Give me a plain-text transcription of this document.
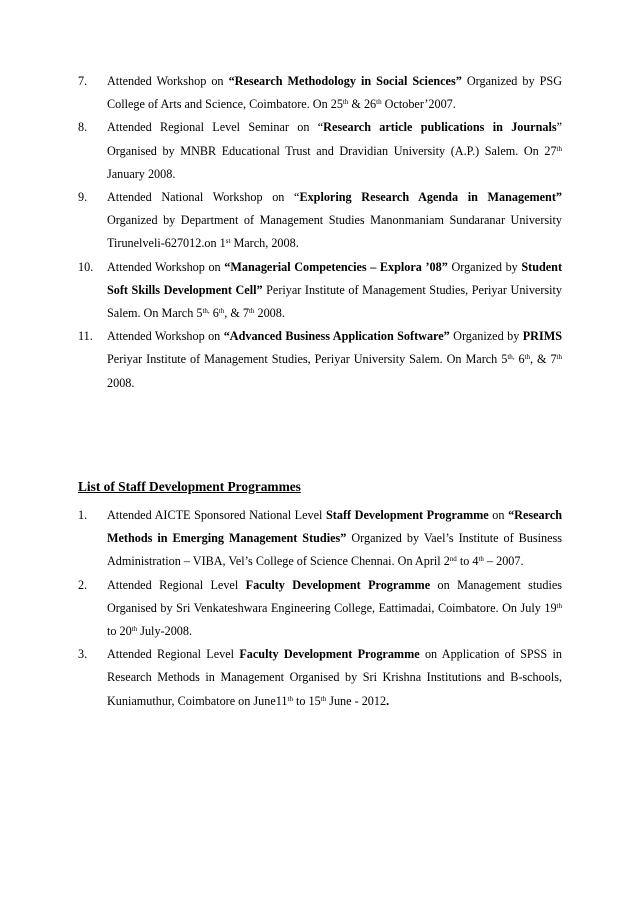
7.	Attended Workshop on “Research Methodology in Social Sciences” Organized by PSG College of Arts and Science, Coimbatore. On 25th & 26th October’2007.
8.	Attended Regional Level Seminar on “Research article publications in Journals” Organised by MNBR Educational Trust and Dravidian University (A.P.) Salem. On 27th January 2008.
9.	Attended National Workshop on “Exploring Research Agenda in Management” Organized by Department of Management Studies Manonmaniam Sundaranar University Tirunelveli-627012.on 1st March, 2008.
10.	Attended Workshop on “Managerial Competencies – Explora ’08” Organized by Student Soft Skills Development Cell” Periyar Institute of Management Studies, Periyar University Salem. On March $5^{th,}$ 6th, & 7th 2008.
11.	Attended Workshop on “Advanced Business Application Software” Organized by PRIMS Periyar Institute of Management Studies, Periyar University Salem. On March $5^{th,}$ 6th, & 7th 2008.
List of Staff Development Programmes
1.	Attended AICTE Sponsored National Level Staff Development Programme on “Research Methods in Emerging Management Studies” Organized by Vael’s Institute of Business Administration – VIBA, Vel’s College of Science Chennai. On April 2nd to 4th – 2007.
2.	Attended Regional Level Faculty Development Programme on Management studies Organised by Sri Venkateshwara Engineering College, Eattimadai, Coimbatore. On July 19th to 20th July-2008.
3.	Attended Regional Level Faculty Development Programme on Application of SPSS in Research Methods in Management Organised by Sri Krishna Institutions and B-schools, Kuniamuthur, Coimbatore on June11th to 15th June - 2012.
